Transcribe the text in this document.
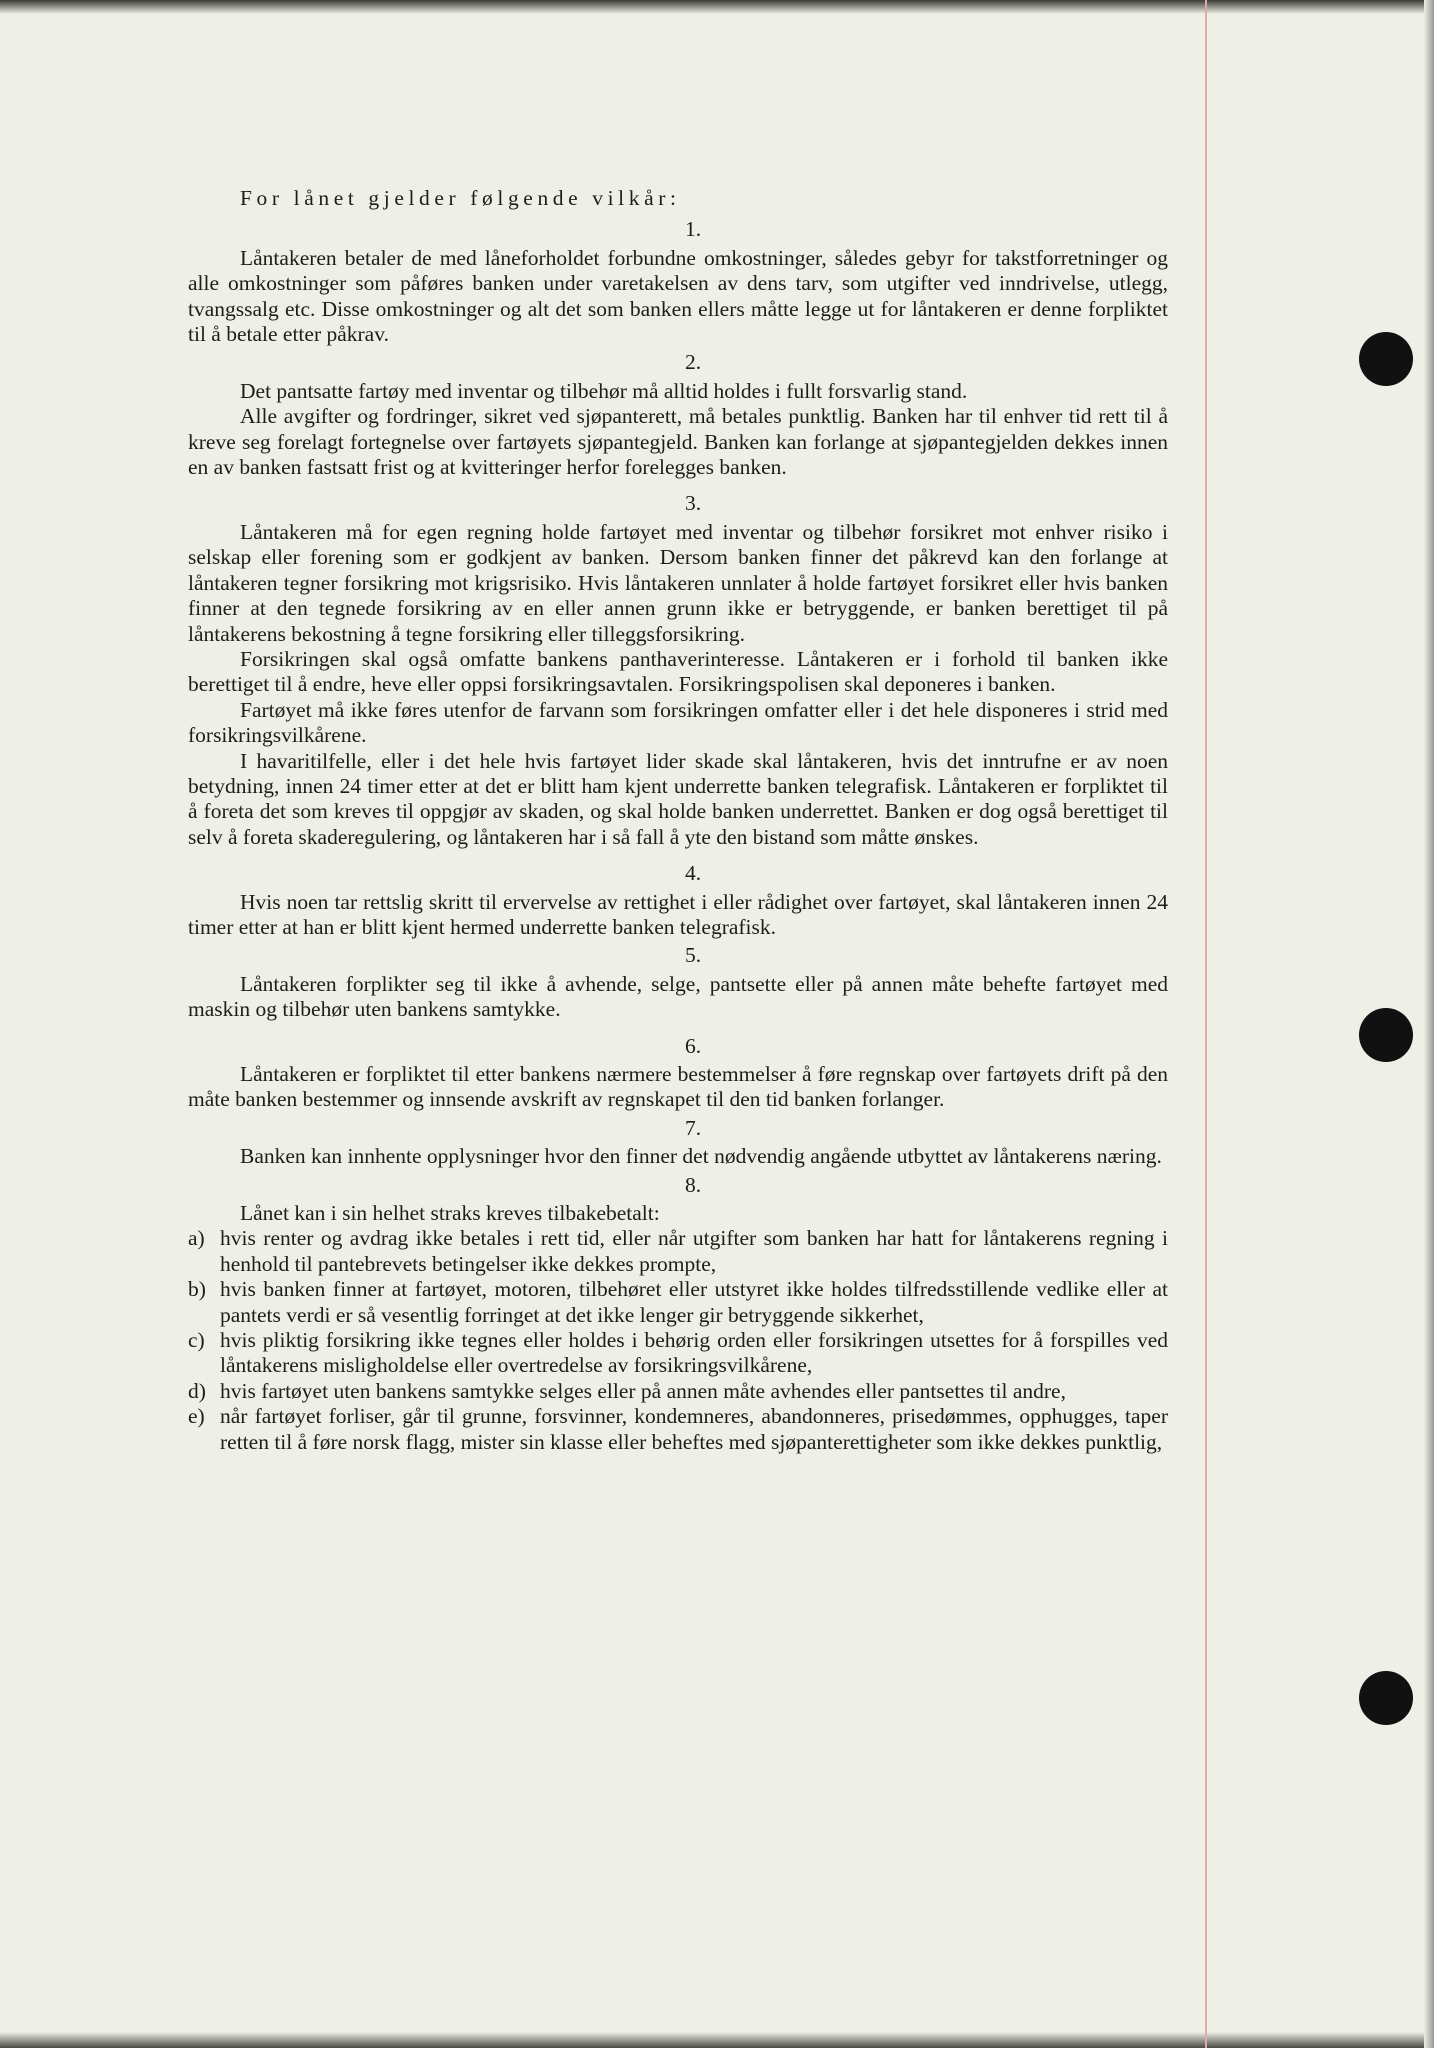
For lånet gjelder følgende vilkår:

1.

Låntakeren betaler de med låneforholdet forbundne omkostninger, således gebyr for takstforretninger og alle omkostninger som påføres banken under varetakelsen av dens tarv, som utgifter ved inndrivelse, utlegg, tvangssalg etc. Disse omkostninger og alt det som banken ellers måtte legge ut for låntakeren er denne forpliktet til å betale etter påkrav.

2.

Det pantsatte fartøy med inventar og tilbehør må alltid holdes i fullt forsvarlig stand.

Alle avgifter og fordringer, sikret ved sjøpanterett, må betales punktlig. Banken har til enhver tid rett til å kreve seg forelagt fortegnelse over fartøyets sjøpantegjeld. Banken kan forlange at sjøpantegjelden dekkes innen en av banken fastsatt frist og at kvitteringer herfor forelegges banken.

3.

Låntakeren må for egen regning holde fartøyet med inventar og tilbehør forsikret mot enhver risiko i selskap eller forening som er godkjent av banken. Dersom banken finner det påkrevd kan den forlange at låntakeren tegner forsikring mot krigsrisiko. Hvis låntakeren unnlater å holde fartøyet forsikret eller hvis banken finner at den tegnede forsikring av en eller annen grunn ikke er betryggende, er banken berettiget til på låntakerens bekostning å tegne forsikring eller tilleggsforsikring.

Forsikringen skal også omfatte bankens panthaverinteresse. Låntakeren er i forhold til banken ikke berettiget til å endre, heve eller oppsi forsikringsavtalen. Forsikringspolisen skal deponeres i banken.

Fartøyet må ikke føres utenfor de farvann som forsikringen omfatter eller i det hele disponeres i strid med forsikringsvilkårene.

I havaritilfelle, eller i det hele hvis fartøyet lider skade skal låntakeren, hvis det inntrufne er av noen betydning, innen 24 timer etter at det er blitt ham kjent underrette banken telegrafisk. Låntakeren er forpliktet til å foreta det som kreves til oppgjør av skaden, og skal holde banken underrettet. Banken er dog også berettiget til selv å foreta skaderegulering, og låntakeren har i så fall å yte den bistand som måtte ønskes.

4.

Hvis noen tar rettslig skritt til ervervelse av rettighet i eller rådighet over fartøyet, skal låntakeren innen 24 timer etter at han er blitt kjent hermed underrette banken telegrafisk.

5.

Låntakeren forplikter seg til ikke å avhende, selge, pantsette eller på annen måte behefte fartøyet med maskin og tilbehør uten bankens samtykke.

6.

Låntakeren er forpliktet til etter bankens nærmere bestemmelser å føre regnskap over fartøyets drift på den måte banken bestemmer og innsende avskrift av regnskapet til den tid banken forlanger.

7.

Banken kan innhente opplysninger hvor den finner det nødvendig angående utbyttet av låntakerens næring.

8.

Lånet kan i sin helhet straks kreves tilbakebetalt:

a) hvis renter og avdrag ikke betales i rett tid, eller når utgifter som banken har hatt for låntakerens regning i henhold til pantebrevets betingelser ikke dekkes prompte,
b) hvis banken finner at fartøyet, motoren, tilbehøret eller utstyret ikke holdes tilfredsstillende vedlike eller at pantets verdi er så vesentlig forringet at det ikke lenger gir betryggende sikkerhet,
c) hvis pliktig forsikring ikke tegnes eller holdes i behørig orden eller forsikringen utsettes for å forspilles ved låntakerens misligholdelse eller overtredelse av forsikringsvilkårene,
d) hvis fartøyet uten bankens samtykke selges eller på annen måte avhendes eller pantsettes til andre,
e) når fartøyet forliser, går til grunne, forsvinner, kondemneres, abandonneres, prisedømmes, opphugges, taper retten til å føre norsk flagg, mister sin klasse eller beheftes med sjøpanterettigheter som ikke dekkes punktlig,
